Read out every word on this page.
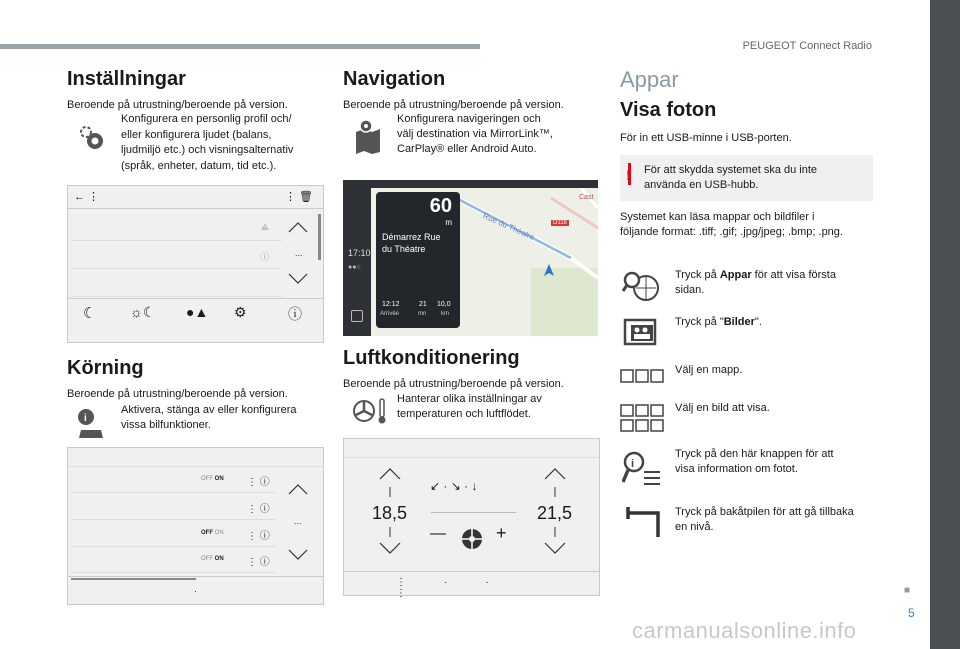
PEUGEOT Connect Radio
■
5
carmanualsonline.info
Inställningar
Beroende på utrustning/beroende på version.
Konfigurera en personlig profil och/
eller konfigurera ljudet (balans,
ljudmiljö etc.) och visningsalternativ
(språk, enheter, datum, tid etc.).
← ⋮	⋮ 🗑
⟁
ⓘ	...
☾ ☼☾ ●▲ ⚙	ⓘ
Körning
Beroende på utrustning/beroende på version.
i
Aktivera, stänga av eller konfigurera
vissa bilfunktioner.
OFF ON ⋮ ⓘ
⋮ ⓘ
OFF ON ⋮ ⓘ
OFF ON ⋮ ⓘ
...
·
Navigation
Beroende på utrustning/beroende på version.
Konfigurera navigeringen och
välj destination via MirrorLink™,
CarPlay® eller Android Auto.
Rue du Théatre	D118
Cast
17:10
●●○
60
m
Démarrez Rue
du Théatre
12:12
Arrivée
21
mn
10,0
km
Luftkonditionering
Beroende på utrustning/beroende på version.
Hanterar olika inställningar av
temperaturen och luftflödet.
18,5	21,5
↙ · ↘ · ↓
—	+
⋮·· ⋮
Appar
Visa foton
För in ett USB-minne i USB-porten.
! För att skydda systemet ska du inte
använda en USB-hubb.
Systemet kan läsa mappar och bildfiler i
följande format: .tiff; .gif; .jpg/jpeg; .bmp; .png.
Tryck på Appar för att visa första
sidan.
Tryck på "Bilder".
Välj en mapp.
Välj en bild att visa.
i
Tryck på den här knappen för att
visa information om fotot.
Tryck på bakåtpilen för att gå tillbaka
en nivå.
